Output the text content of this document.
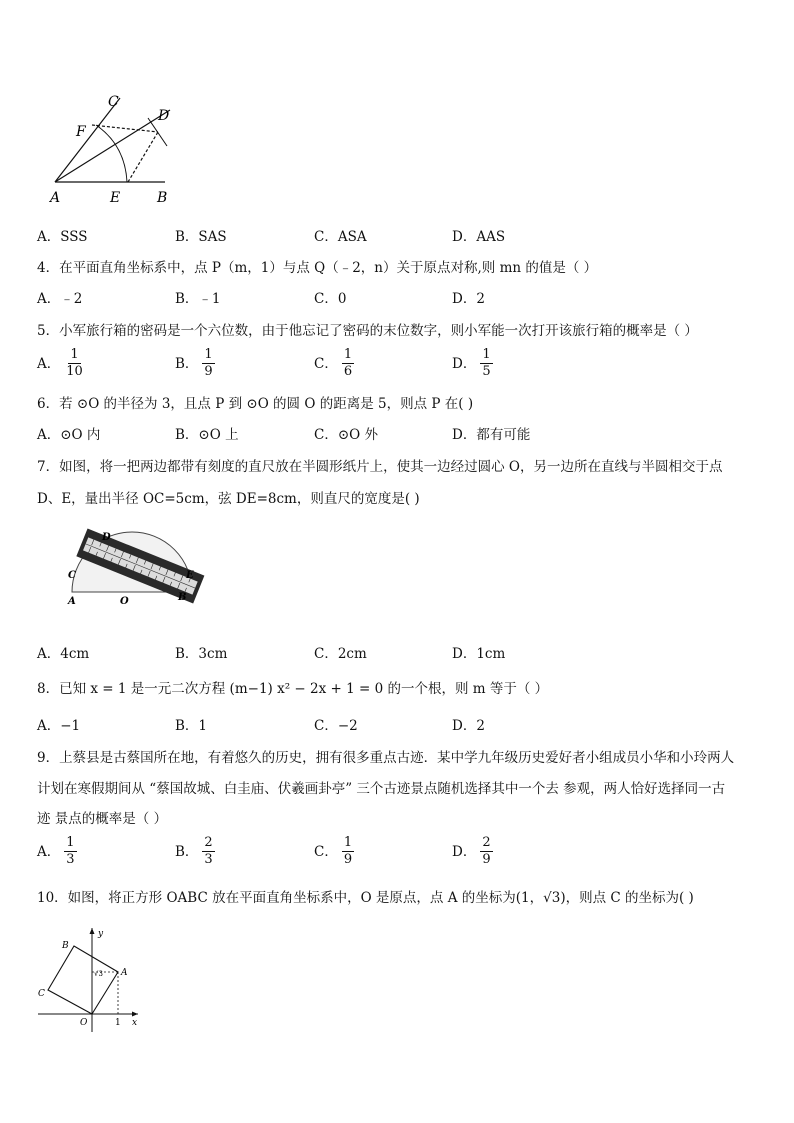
C
D
F
A	E	B
A．SSS	B．SAS	C．ASA	D．AAS
4．在平面直角坐标系中，点 P（m，1）与点 Q（﹣2，n）关于原点对称,则 mn 的值是（ ）
A．﹣2	B．﹣1	C．0	D．2
5．小军旅行箱的密码是一个六位数，由于他忘记了密码的末位数字，则小军能一次打开该旅行箱的概率是（ ）
A． $\frac{1}{10}$	B． $\frac{1}{9}$	C． $\frac{1}{6}$	D． $\frac{1}{5}$
6．若 ⊙O 的半径为 3，且点 P 到 ⊙O 的圆 O 的距离是 5，则点 P 在( )
A．⊙O 内	B．⊙O 上	C．⊙O 外	D．都有可能
7．如图，将一把两边都带有刻度的直尺放在半圆形纸片上，使其一边经过圆心 O，另一边所在直线与半圆相交于点
D、E，量出半径 OC=5cm，弦 DE=8cm，则直尺的宽度是( )
D
C
A	O
E
B
A．4cm	B．3cm	C．2cm	D．1cm
8．已知 x = 1 是一元二次方程 (m−1) x² − 2x + 1 = 0 的一个根，则 m 等于（ ）
A．−1	B．1	C．−2	D．2
9．上蔡县是古蔡国所在地，有着悠久的历史，拥有很多重点古迹．某中学九年级历史爱好者小组成员小华和小玲两人
计划在寒假期间从 “蔡国故城、白圭庙、伏羲画卦亭” 三个古迹景点随机选择其中一个去 参观，两人恰好选择同一古
迹 景点的概率是（ ）
A． $\frac{1}{3}$	B． $\frac{2}{3}$	C． $\frac{1}{9}$	D． $\frac{2}{9}$
10．如图，将正方形 OABC 放在平面直角坐标系中，O 是原点，点 A 的坐标为(1，√3)，则点 C 的坐标为( )
y
B
√3 A
C
O	1 x
